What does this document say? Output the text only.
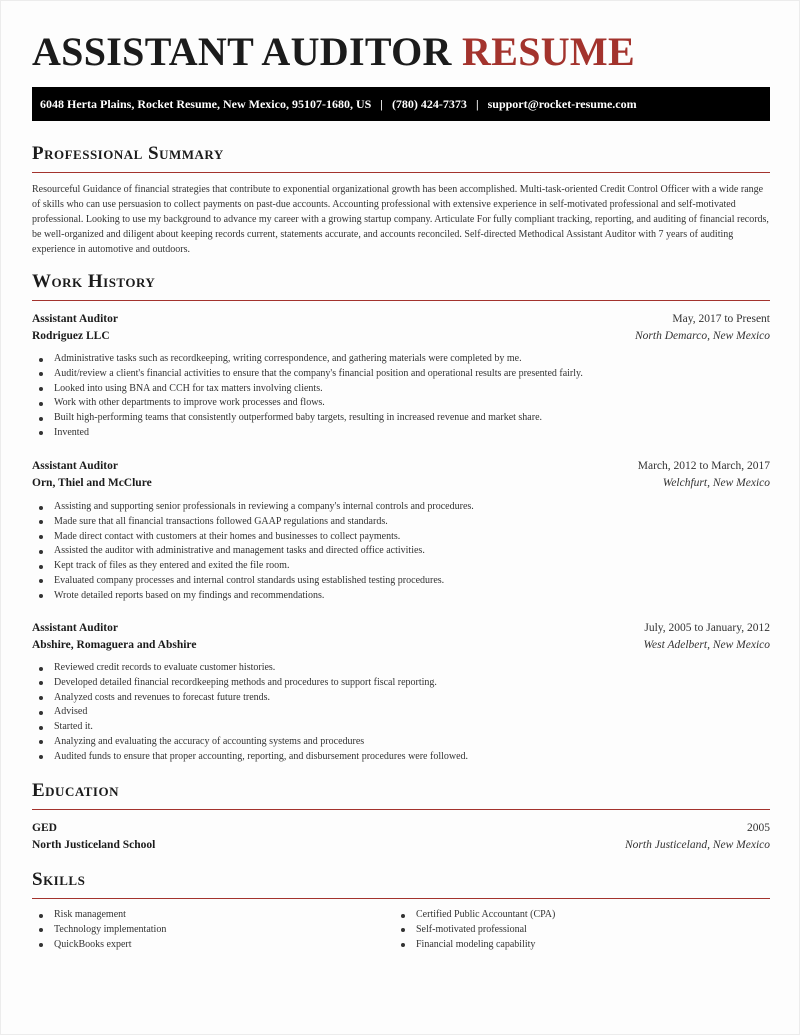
ASSISTANT AUDITOR RESUME
6048 Herta Plains, Rocket Resume, New Mexico, 95107-1680, US | (780) 424-7373 | support@rocket-resume.com
Professional Summary

Resourceful Guidance of financial strategies that contribute to exponential organizational growth has been accomplished. Multi-task-oriented Credit Control Officer with a wide range of skills who can use persuasion to collect payments on past-due accounts. Accounting professional with extensive experience in self-motivated professional and self-motivated professional. Looking to use my background to advance my career with a growing startup company. Articulate For fully compliant tracking, reporting, and auditing of financial records, be well-organized and diligent about keeping records current, statements accurate, and accounts reconciled. Self-directed Methodical Assistant Auditor with 7 years of auditing experience in automotive and outdoors.

Work History
Assistant Auditor	May, 2017 to Present
Rodriguez LLC	North Demarco, New Mexico
Administrative tasks such as recordkeeping, writing correspondence, and gathering materials were completed by me.
Audit/review a client's financial activities to ensure that the company's financial position and operational results are presented fairly.
Looked into using BNA and CCH for tax matters involving clients.
Work with other departments to improve work processes and flows.
Built high-performing teams that consistently outperformed baby targets, resulting in increased revenue and market share.
Invented
Assistant Auditor	March, 2012 to March, 2017
Orn, Thiel and McClure	Welchfurt, New Mexico
Assisting and supporting senior professionals in reviewing a company's internal controls and procedures.
Made sure that all financial transactions followed GAAP regulations and standards.
Made direct contact with customers at their homes and businesses to collect payments.
Assisted the auditor with administrative and management tasks and directed office activities.
Kept track of files as they entered and exited the file room.
Evaluated company processes and internal control standards using established testing procedures.
Wrote detailed reports based on my findings and recommendations.
Assistant Auditor	July, 2005 to January, 2012
Abshire, Romaguera and Abshire	West Adelbert, New Mexico
Reviewed credit records to evaluate customer histories.
Developed detailed financial recordkeeping methods and procedures to support fiscal reporting.
Analyzed costs and revenues to forecast future trends.
Advised
Started it.
Analyzing and evaluating the accuracy of accounting systems and procedures
Audited funds to ensure that proper accounting, reporting, and disbursement procedures were followed.
Education
GED	2005
North Justiceland School	North Justiceland, New Mexico
Skills
Risk management
Technology implementation
QuickBooks expert
Certified Public Accountant (CPA)
Self-motivated professional
Financial modeling capability
